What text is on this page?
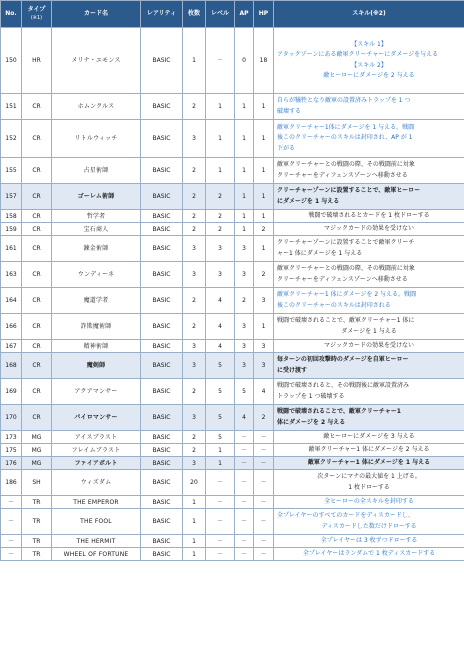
No.	タイプ
(※1)	カード名	レアリティ	枚数	レベル	AP	HP	スキル(※2)
150	HR	メリナ・エモンス	BASIC	1	－	0	18	【スキル 1】
アタックゾーンにある敵軍クリーチャーにダメージを与える
【スキル 2】
敵ヒーローにダメージを 2 与える

151	CR	ホムンクルス	BASIC	2	1	1	1	自らが犠牲となり敵軍の設置済みトラップを 1 つ
破壊する

152	CR	リトルウィッチ	BASIC	3	1	1	1	敵軍クリーチャー1体にダメージを 1 与える。戦闘
後このクリーチャーのスキルは封印され、AP が 1
下がる

155	CR	占星術師	BASIC	2	1	1	1	敵軍クリーチャーとの戦闘の際、その戦闘前に対象
クリーチャーをディフェンスゾーンへ移動させる

157	CR	ゴーレム術師	BASIC	2	2	1	1	クリーチャーゾーンに設置することで、敵軍ヒーロー
にダメージを 1 与える

158	CR	哲学者	BASIC	2	2	1	1	戦闘で破壊されるとカードを 1 枚ドローする

159	CR	宝石商人	BASIC	2	2	1	2	マジックカードの効果を受けない

161	CR	錬金術師	BASIC	3	3	3	1	クリーチャーゾーンに設置することで敵軍クリーチ
ャー1 体にダメージを 1 与える

163	CR	ウンディーネ	BASIC	3	3	3	2	敵軍クリーチャーとの戦闘の際、その戦闘前に対象
クリーチャーをディフェンスゾーンへ移動させる

164	CR	魔道学者	BASIC	2	4	2	3	敵軍クリーチャー1 体にダメージを 2 与える。戦闘
後このクリーチャーのスキルは封印される

166	CR	詐欺魔術師	BASIC	2	4	3	1	戦闘で破壊されることで、敵軍クリーチャー1 体に
ダメージを 1 与える

167	CR	精神術師	BASIC	3	4	3	3	マジックカードの効果を受けない

168	CR	魔剣師	BASIC	3	5	3	3	毎ターンの初回攻撃時のダメージを自軍ヒーロー
に受け渡す

169	CR	アクアマンサー	BASIC	2	5	5	4	戦闘で破壊されると、その戦闘後に敵軍設置済み
トラップを 1 つ破壊する

170	CR	パイロマンサー	BASIC	3	5	4	2	戦闘で破壊されることで、敵軍クリーチャー1
体にダメージを 2 与える

173	MG	アイスブラスト	BASIC	2	5	－	－	敵ヒーローにダメージを 3 与える

175	MG	フレイムブラスト	BASIC	2	1	－	－	敵軍クリーチャー1 体にダメージを 2 与える

176	MG	ファイアボルト	BASIC	3	1	－	－	敵軍クリーチャー1 体にダメージを 1 与える

186	SH	ウィズダム	BASIC	20	－	－	－	次ターンにマナの最大値を 1 上げる。
1 枚ドローする

－	TR	THE EMPEROR	BASIC	1	－	－	－	全ヒーローの全スキルを封印する

－	TR	THE FOOL	BASIC	1	－	－	－	全プレイヤーのすべてのカードをディスカードし、
ディスカードした数だけドローする

－	TR	THE HERMIT	BASIC	1	－	－	－	全プレイヤーは 3 枚ずつドローする

－	TR	WHEEL OF FORTUNE	BASIC	1	－	－	－	全プレイヤーはランダムで 1 枚ディスカードする
